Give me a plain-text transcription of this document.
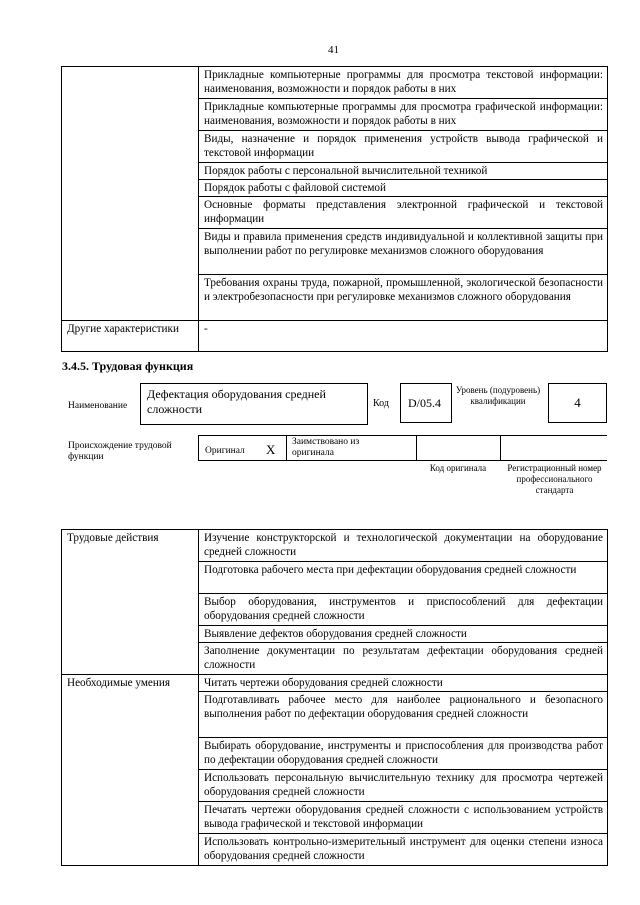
41
	Прикладные компьютерные программы для просмотра текстовой информации: наименования, возможности и порядок работы в них
	Прикладные компьютерные программы для просмотра графической информации: наименования, возможности и порядок работы в них
	Виды, назначение и порядок применения устройств вывода графической и текстовой информации
	Порядок работы с персональной вычислительной техникой
	Порядок работы с файловой системой
	Основные форматы представления электронной графической и текстовой информации
	Виды и правила применения средств индивидуальной и коллективной защиты при выполнении работ по регулировке механизмов сложного оборудования
	Требования охраны труда, пожарной, промышленной, экологической безопасности и электробезопасности при регулировке механизмов сложного оборудования
Другие характеристики	-
3.4.5. Трудовая функция
Наименование
Дефектация оборудования средней сложности	Код D/05.4
Уровень (подуровень) квалификации	4
Происхождение трудовой функции
Оригинал X Заимствовано из оригинала
Код оригинала	Регистрационный номер профессионального стандарта
Трудовые действия	Изучение конструкторской и технологической документации на оборудование средней сложности
	Подготовка рабочего места при дефектации оборудования средней сложности
	Выбор оборудования, инструментов и приспособлений для дефектации оборудования средней сложности
	Выявление дефектов оборудования средней сложности
	Заполнение документации по результатам дефектации оборудования средней сложности
Необходимые умения	Читать чертежи оборудования средней сложности
	Подготавливать рабочее место для наиболее рационального и безопасного выполнения работ по дефектации оборудования средней сложности
	Выбирать оборудование, инструменты и приспособления для производства работ по дефектации оборудования средней сложности
	Использовать персональную вычислительную технику для просмотра чертежей оборудования средней сложности
	Печатать чертежи оборудования средней сложности с использованием устройств вывода графической и текстовой информации
	Использовать контрольно-измерительный инструмент для оценки степени износа оборудования средней сложности
